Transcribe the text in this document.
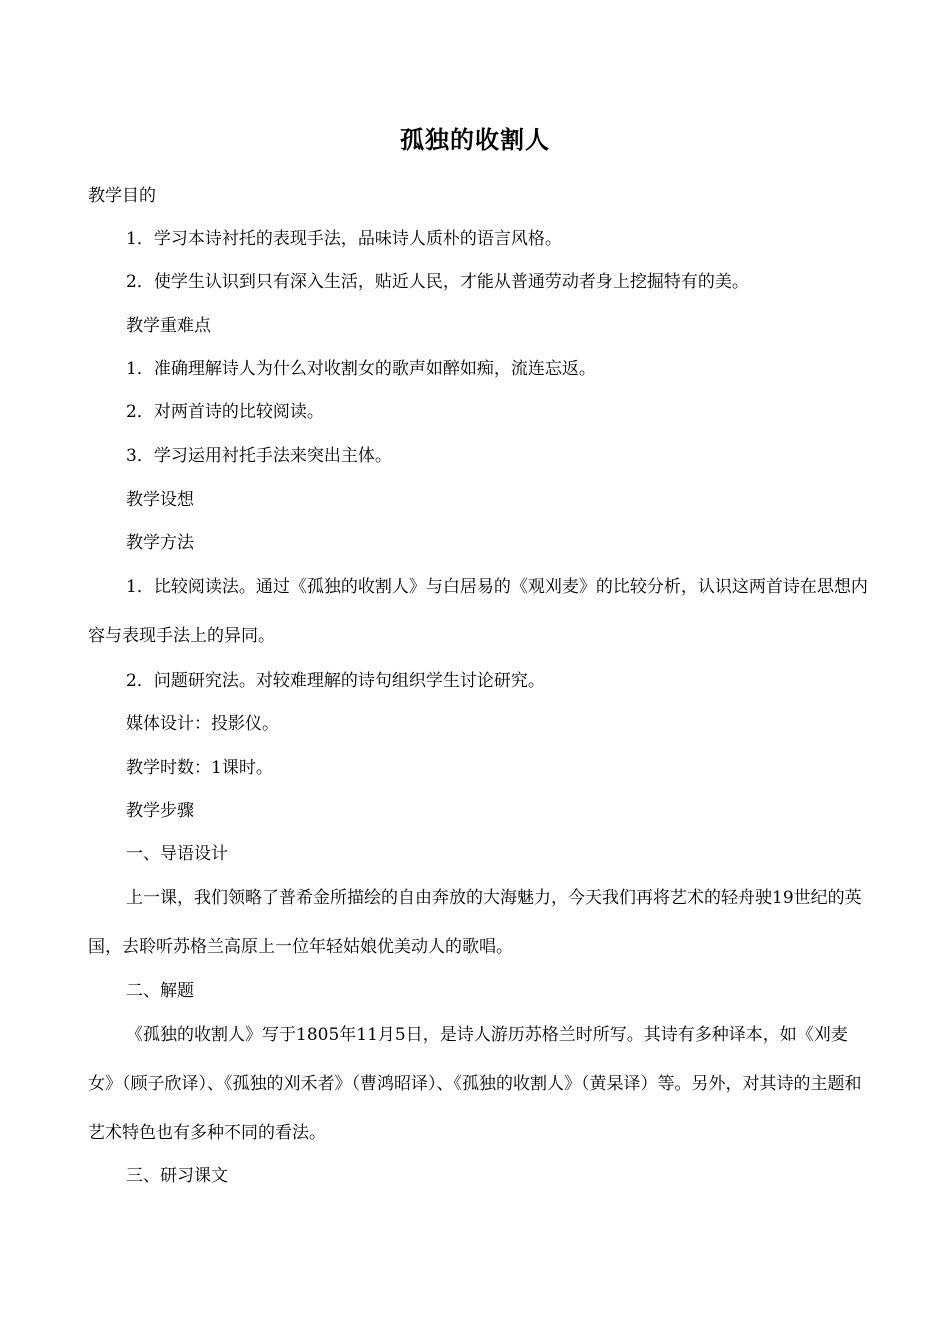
孤独的收割人
教学目的
1．学习本诗衬托的表现手法，品味诗人质朴的语言风格。
2．使学生认识到只有深入生活，贴近人民，才能从普通劳动者身上挖掘特有的美。
教学重难点
1．准确理解诗人为什么对收割女的歌声如醉如痴，流连忘返。
2．对两首诗的比较阅读。
3．学习运用衬托手法来突出主体。
教学设想
教学方法
1．比较阅读法。通过《孤独的收割人》与白居易的《观刈麦》的比较分析，认识这两首诗在思想内容与表现手法上的异同。
2．问题研究法。对较难理解的诗句组织学生讨论研究。
媒体设计：投影仪。
教学时数：1课时。
教学步骤
一、导语设计
上一课，我们领略了普希金所描绘的自由奔放的大海魅力，今天我们再将艺术的轻舟驶19世纪的英国，去聆听苏格兰高原上一位年轻姑娘优美动人的歌唱。
二、解题
《孤独的收割人》写于1805年11月5日，是诗人游历苏格兰时所写。其诗有多种译本，如《刈麦女》（顾子欣译）、《孤独的刈禾者》（曹鸿昭译）、《孤独的收割人》（黄杲译）等。另外，对其诗的主题和艺术特色也有多种不同的看法。
三、研习课文
